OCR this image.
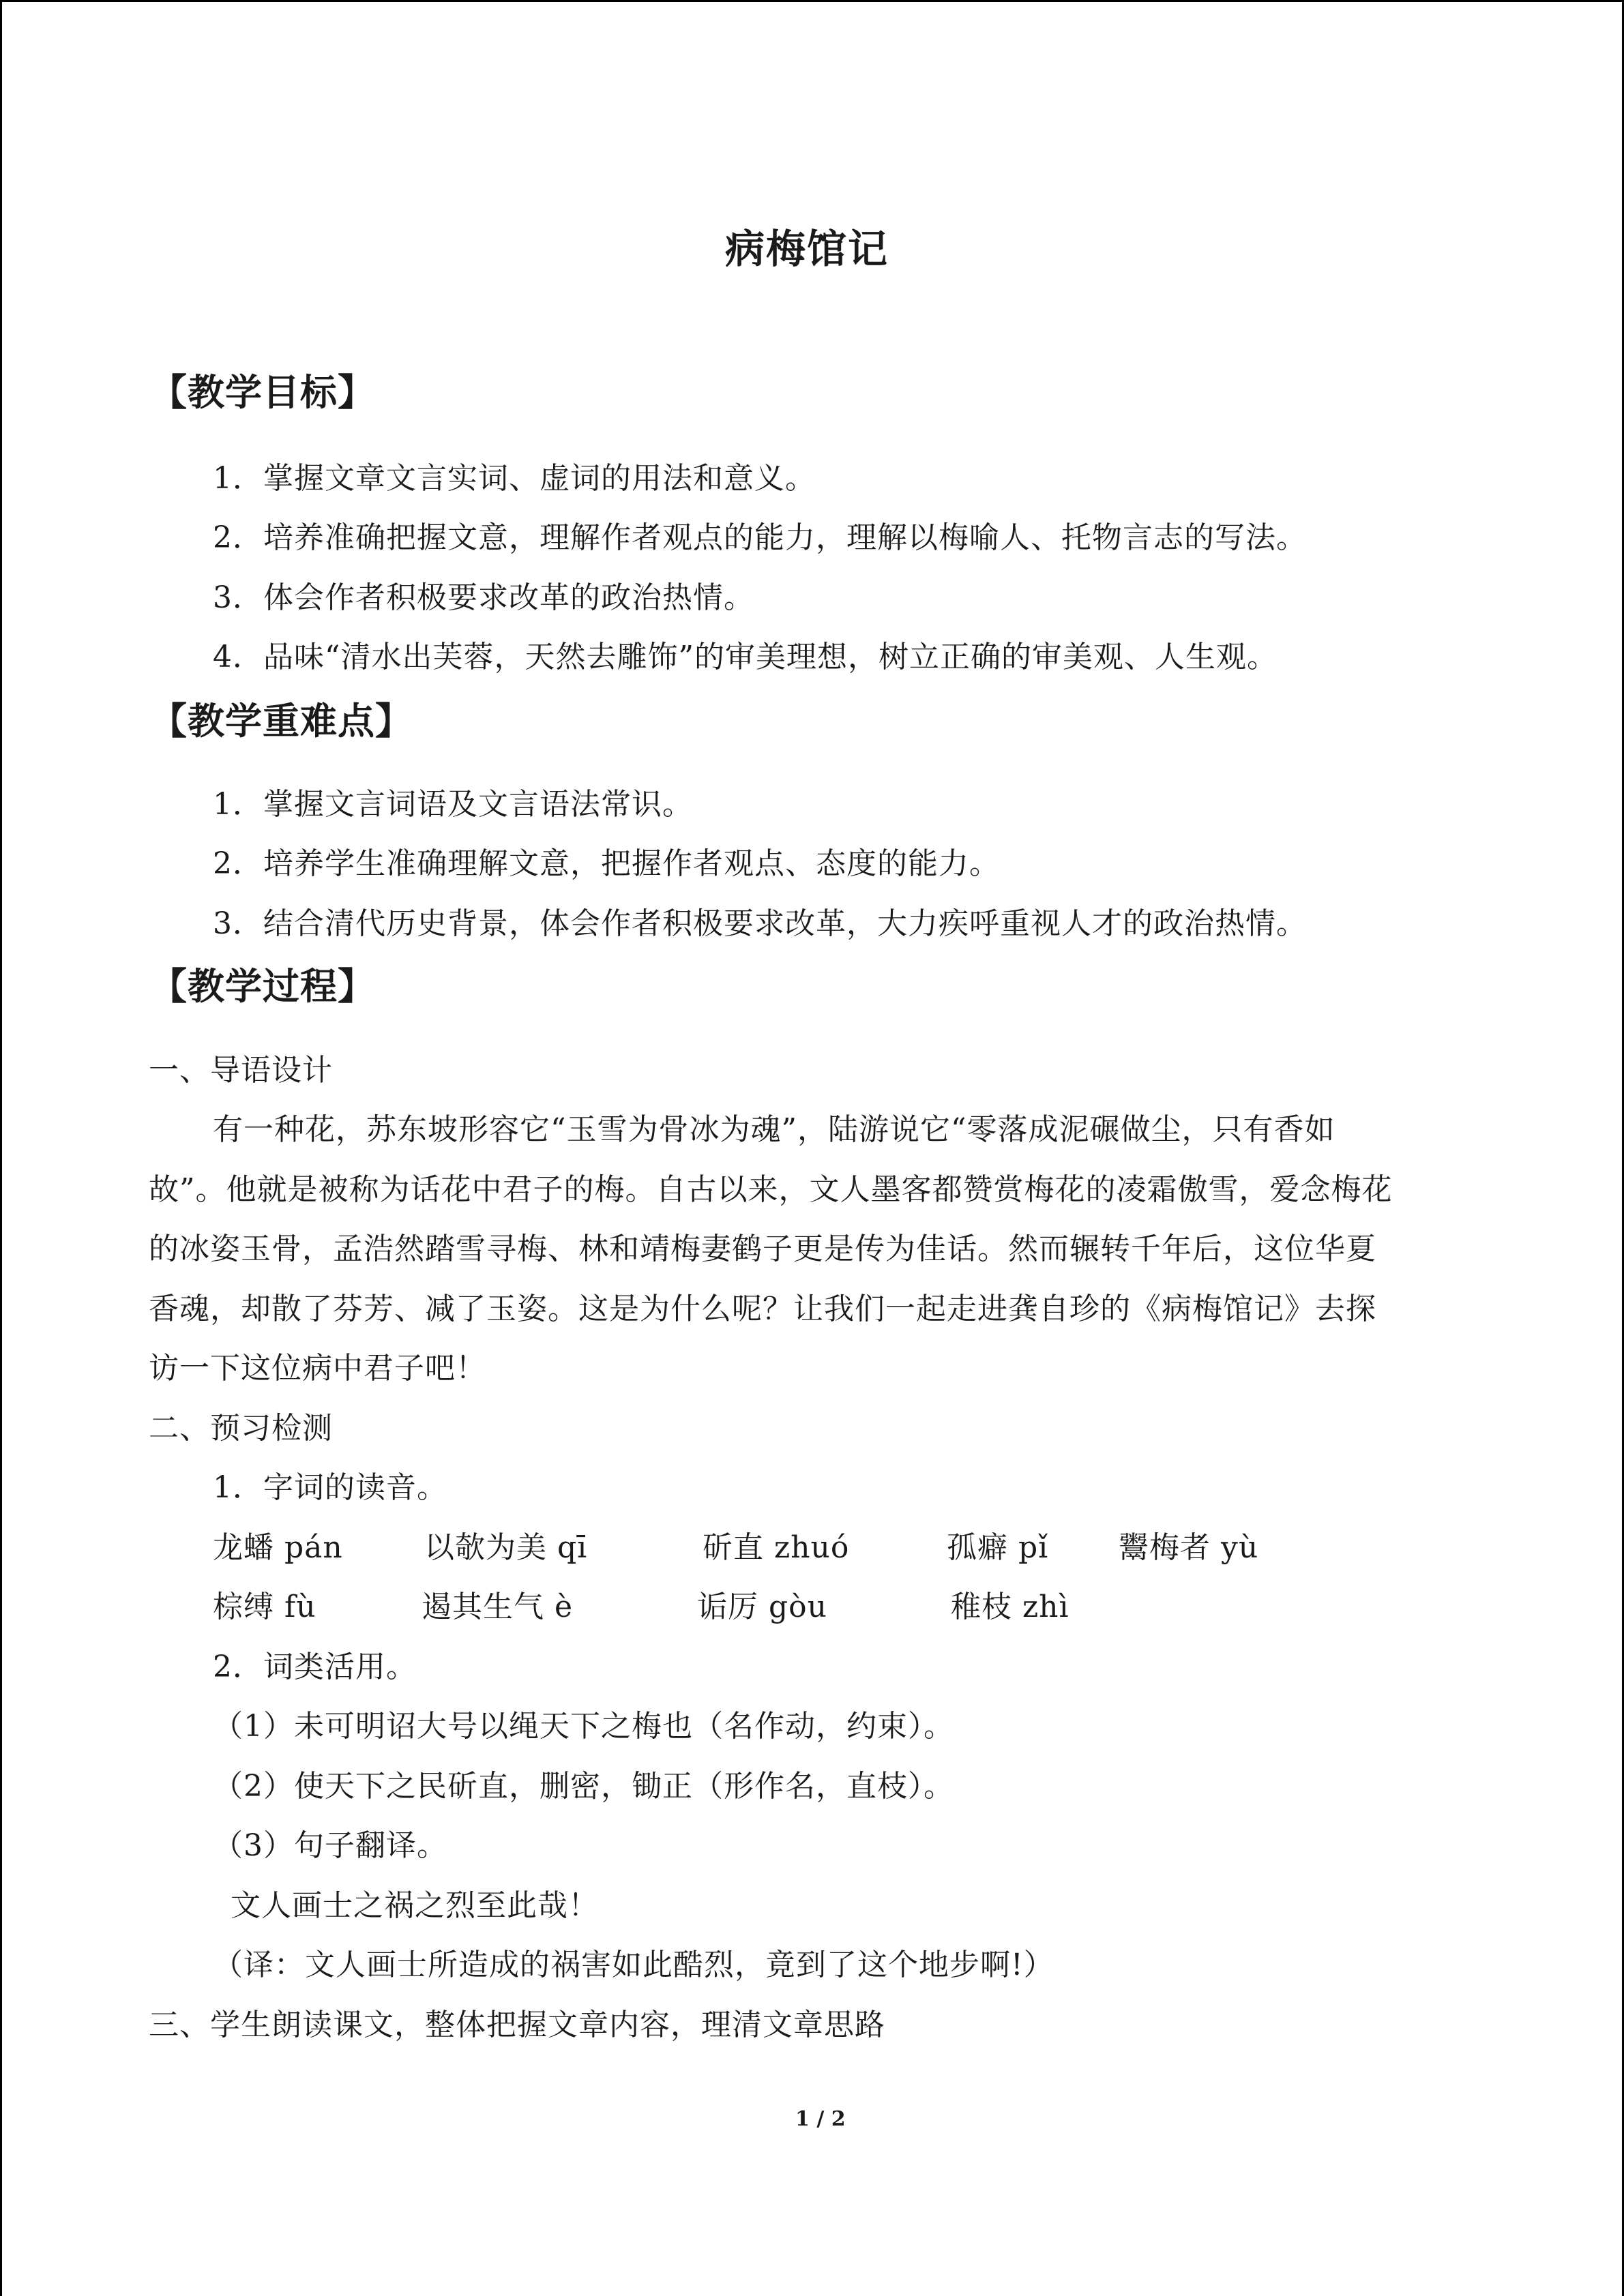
病梅馆记
【教学目标】
1．掌握文章文言实词、虚词的用法和意义。
2．培养准确把握文意，理解作者观点的能力，理解以梅喻人、托物言志的写法。
3．体会作者积极要求改革的政治热情。
4．品味“清水出芙蓉，天然去雕饰”的审美理想，树立正确的审美观、人生观。
【教学重难点】
1．掌握文言词语及文言语法常识。
2．培养学生准确理解文意，把握作者观点、态度的能力。
3．结合清代历史背景，体会作者积极要求改革，大力疾呼重视人才的政治热情。
【教学过程】
一、导语设计
有一种花，苏东坡形容它“玉雪为骨冰为魂”，陆游说它“零落成泥碾做尘，只有香如
故”。他就是被称为话花中君子的梅。自古以来，文人墨客都赞赏梅花的凌霜傲雪，爱念梅花
的冰姿玉骨，孟浩然踏雪寻梅、林和靖梅妻鹤子更是传为佳话。然而辗转千年后，这位华夏
香魂，却散了芬芳、减了玉姿。这是为什么呢？让我们一起走进龚自珍的《病梅馆记》去探
访一下这位病中君子吧！
二、预习检测
1．字词的读音。
龙蟠 pán	以欹为美 qī	斫直 zhuó	孤癖 pǐ 鬻梅者 yù
棕缚 fù	遏其生气 è	诟厉 gòu	稚枝 zhì
2．词类活用。
（1）未可明诏大号以绳天下之梅也（名作动，约束）。
（2）使天下之民斫直，删密，锄正（形作名，直枝）。
（3）句子翻译。
文人画士之祸之烈至此哉！
（译：文人画士所造成的祸害如此酷烈，竟到了这个地步啊!）
三、学生朗读课文，整体把握文章内容，理清文章思路
1 / 2
